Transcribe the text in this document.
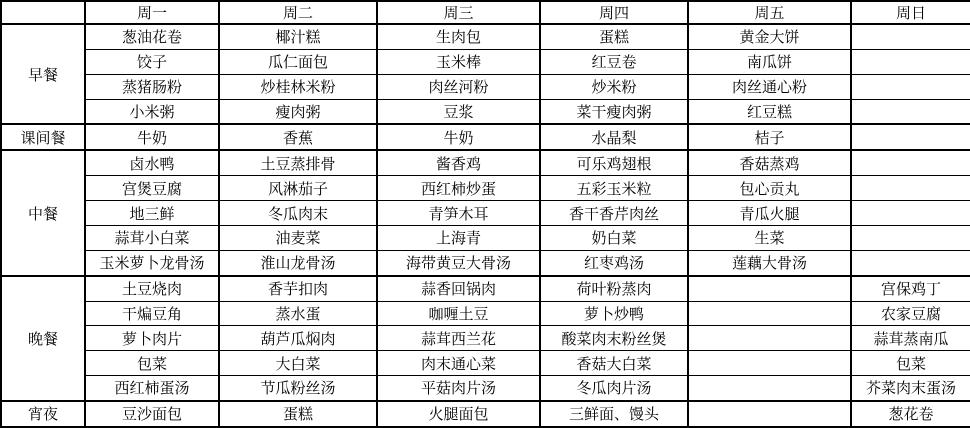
	周一	周二	周三	周四	周五	周日
早餐	葱油花卷	椰汁糕	生肉包	蛋糕	黄金大饼	
	饺子	瓜仁面包	玉米棒	红豆卷	南瓜饼	
	蒸猪肠粉	炒桂林米粉	肉丝河粉	炒米粉	肉丝通心粉	
	小米粥	瘦肉粥	豆浆	菜干瘦肉粥	红豆糕	
课间餐	牛奶	香蕉	牛奶	水晶梨	桔子	
中餐	卤水鸭	土豆蒸排骨	酱香鸡	可乐鸡翅根	香菇蒸鸡	
	宫煲豆腐	风淋茄子	西红柿炒蛋	五彩玉米粒	包心贡丸	
	地三鲜	冬瓜肉末	青笋木耳	香干香芹肉丝	青瓜火腿	
	蒜茸小白菜	油麦菜	上海青	奶白菜	生菜	
	玉米萝卜龙骨汤	淮山龙骨汤	海带黄豆大骨汤	红枣鸡汤	莲藕大骨汤	
晚餐	土豆烧肉	香芋扣肉	蒜香回锅肉	荷叶粉蒸肉		宫保鸡丁
	干煸豆角	蒸水蛋	咖喱土豆	萝卜炒鸭		农家豆腐
	萝卜肉片	葫芦瓜焖肉	蒜茸西兰花	酸菜肉末粉丝煲		蒜茸蒸南瓜
	包菜	大白菜	肉末通心菜	香菇大白菜		包菜
	西红柿蛋汤	节瓜粉丝汤	平菇肉片汤	冬瓜肉片汤		芥菜肉末蛋汤
宵夜	豆沙面包	蛋糕	火腿面包	三鲜面、馒头		葱花卷
